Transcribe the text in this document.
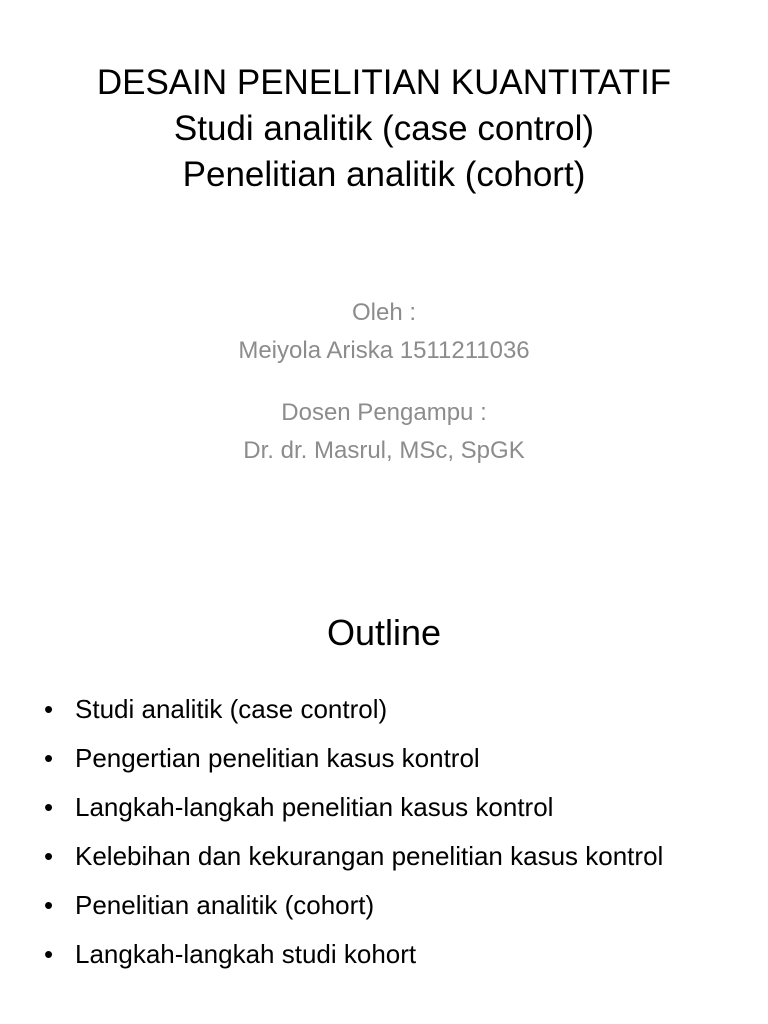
DESAIN PENELITIAN KUANTITATIF
Studi analitik (case control)
Penelitian analitik (cohort)
Oleh :
Meiyola Ariska 1511211036
Dosen Pengampu :
Dr. dr. Masrul, MSc, SpGK
Outline
• Studi analitik (case control)
• Pengertian penelitian kasus kontrol
• Langkah-langkah penelitian kasus kontrol
• Kelebihan dan kekurangan penelitian kasus kontrol
• Penelitian analitik (cohort)
• Langkah-langkah studi kohort
